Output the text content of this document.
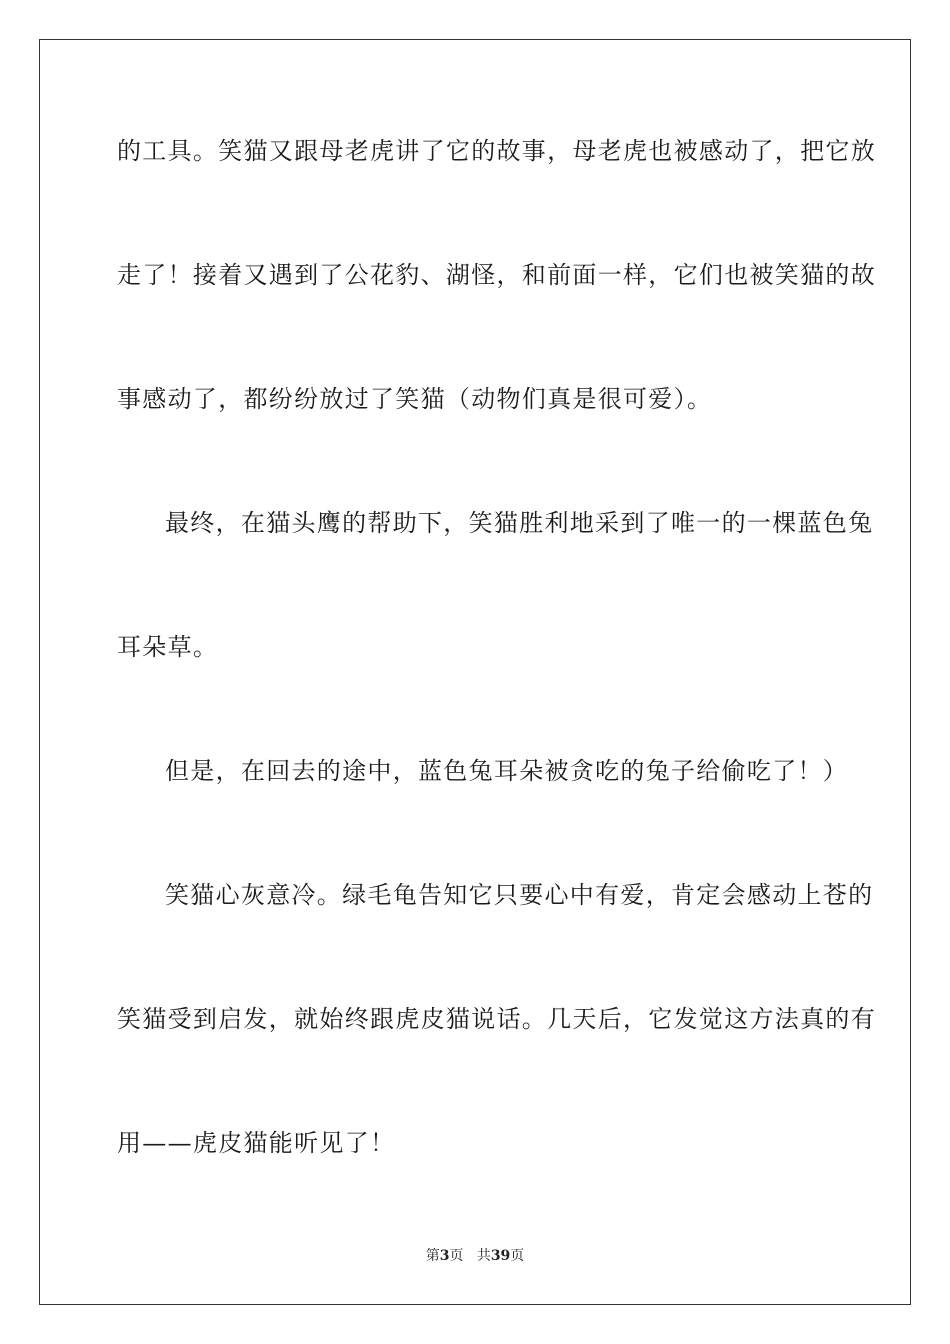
的工具。笑猫又跟母老虎讲了它的故事，母老虎也被感动了，把它放
走了！接着又遇到了公花豹、湖怪，和前面一样，它们也被笑猫的故
事感动了，都纷纷放过了笑猫（动物们真是很可爱）。
最终，在猫头鹰的帮助下，笑猫胜利地采到了唯一的一棵蓝色兔
耳朵草。
但是，在回去的途中，蓝色兔耳朵被贪吃的兔子给偷吃了！）
笑猫心灰意冷。绿毛龟告知它只要心中有爱，肯定会感动上苍的
笑猫受到启发，就始终跟虎皮猫说话。几天后，它发觉这方法真的有
用——虎皮猫能听见了！
第3页 共39页
